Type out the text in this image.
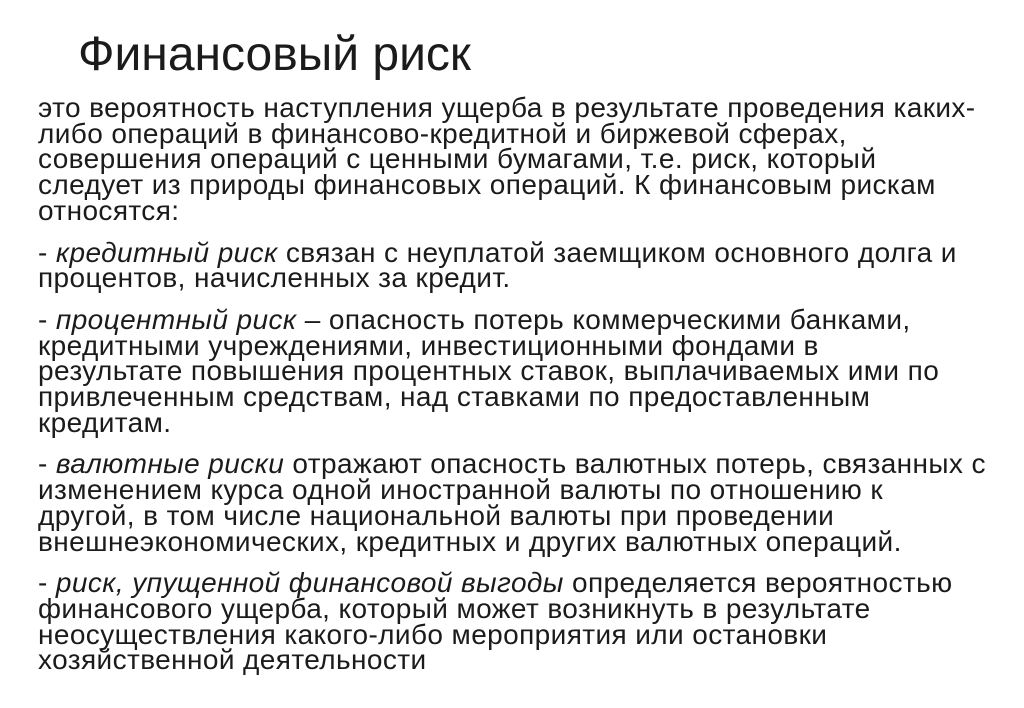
Финансовый риск
это вероятность наступления ущерба в результате проведения каких-
либо операций в финансово-кредитной и биржевой сферах,
совершения операций с ценными бумагами, т.е. риск, который
следует из природы финансовых операций. К финансовым рискам
относятся:
- кредитный риск связан с неуплатой заемщиком основного долга и
процентов, начисленных за кредит.
- процентный риск – опасность потерь коммерческими банками,
кредитными учреждениями, инвестиционными фондами в
результате повышения процентных ставок, выплачиваемых ими по
привлеченным средствам, над ставками по предоставленным
кредитам.
- валютные риски отражают опасность валютных потерь, связанных с
изменением курса одной иностранной валюты по отношению к
другой, в том числе национальной валюты при проведении
внешнеэкономических, кредитных и других валютных операций.
- риск, упущенной финансовой выгоды определяется вероятностью
финансового ущерба, который может возникнуть в результате
неосуществления какого-либо мероприятия или остановки
хозяйственной деятельности
